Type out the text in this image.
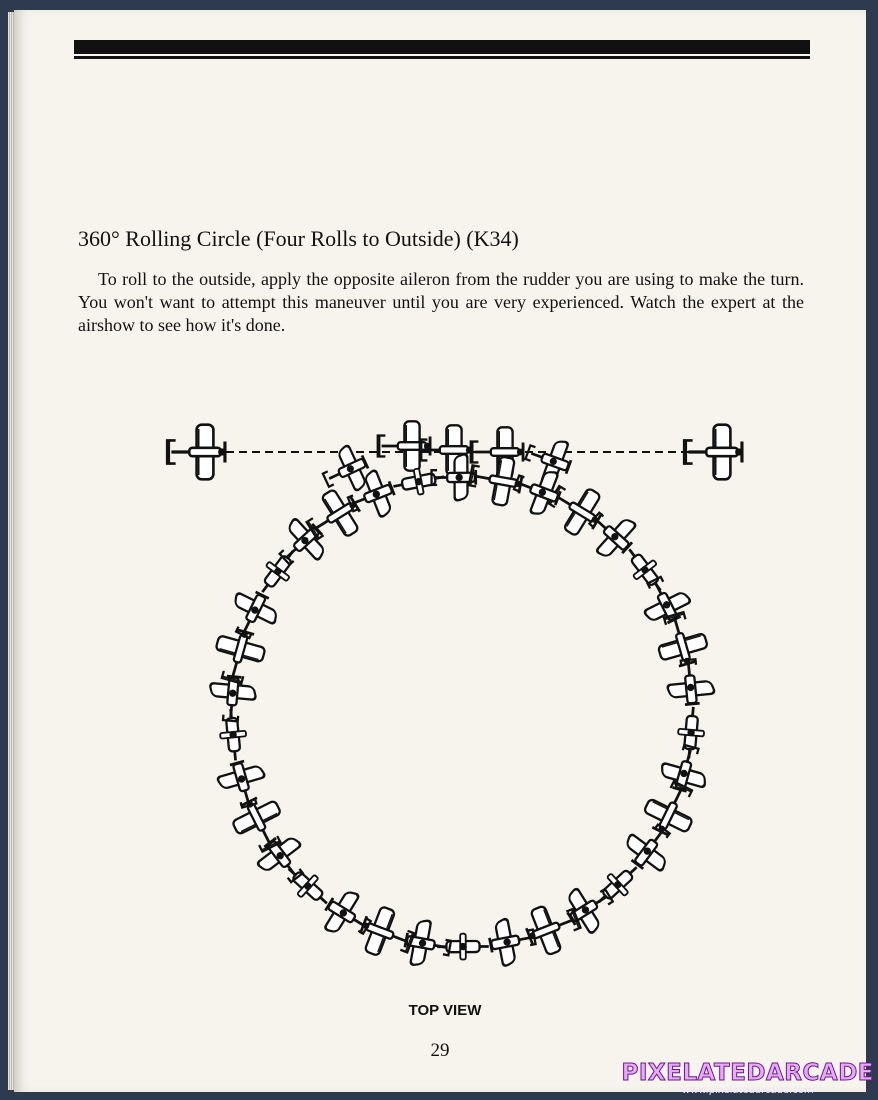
360° Rolling Circle (Four Rolls to Outside) (K34)

To roll to the outside, apply the opposite aileron from the rudder you are using to make the turn. You won't want to attempt this maneuver until you are very experienced. Watch the expert at the airshow to see how it's done.

TOP VIEW
29
PIXELATEDARCADE
www.pixelatedarcade.com
